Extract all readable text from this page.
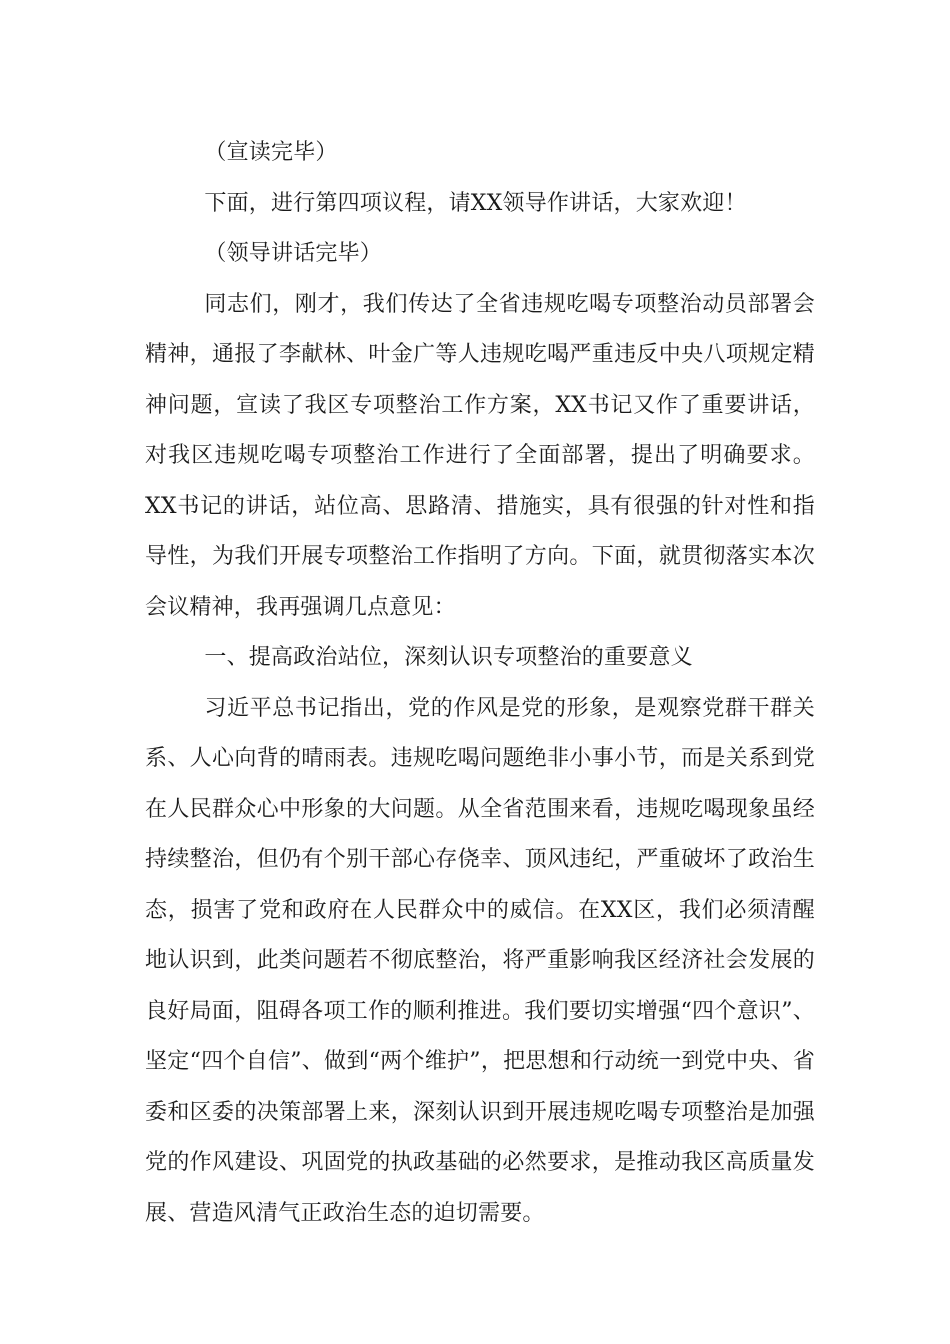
（宣读完毕）

下面，进行第四项议程，请XX领导作讲话，大家欢迎！

（领导讲话完毕）

同志们，刚才，我们传达了全省违规吃喝专项整治动员部署会精神，通报了李献林、叶金广等人违规吃喝严重违反中央八项规定精神问题，宣读了我区专项整治工作方案，XX书记又作了重要讲话，对我区违规吃喝专项整治工作进行了全面部署，提出了明确要求。XX书记的讲话，站位高、思路清、措施实，具有很强的针对性和指导性，为我们开展专项整治工作指明了方向。下面，就贯彻落实本次会议精神，我再强调几点意见：

一、提高政治站位，深刻认识专项整治的重要意义

习近平总书记指出，党的作风是党的形象，是观察党群干群关系、人心向背的晴雨表。违规吃喝问题绝非小事小节，而是关系到党在人民群众心中形象的大问题。从全省范围来看，违规吃喝现象虽经持续整治，但仍有个别干部心存侥幸、顶风违纪，严重破坏了政治生态，损害了党和政府在人民群众中的威信。在XX区，我们必须清醒地认识到，此类问题若不彻底整治，将严重影响我区经济社会发展的良好局面，阻碍各项工作的顺利推进。我们要切实增强“四个意识”、坚定“四个自信”、做到“两个维护”，把思想和行动统一到党中央、省委和区委的决策部署上来，深刻认识到开展违规吃喝专项整治是加强党的作风建设、巩固党的执政基础的必然要求，是推动我区高质量发展、营造风清气正政治生态的迫切需要。
